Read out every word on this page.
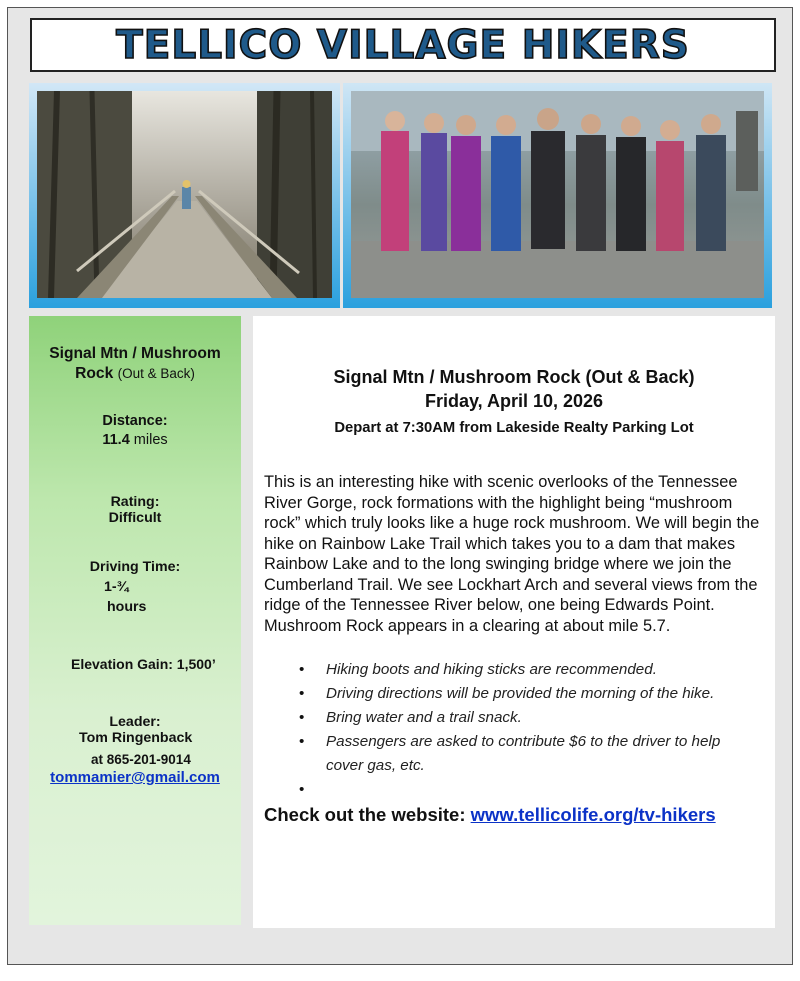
TELLICO VILLAGE HIKERS
Signal Mtn / Mushroom
Rock (Out & Back)
Distance:
11.4 miles
Rating:
Difficult
Driving Time:
1-¾
hours
Elevation Gain: 1,500’
Leader:
Tom Ringenback
at 865-201-9014
tommamier@gmail.com
Signal Mtn / Mushroom Rock (Out & Back)
Friday, April 10, 2026
Depart at 7:30AM from Lakeside Realty Parking Lot

This is an interesting hike with scenic overlooks of the Tennessee River Gorge, rock formations with the highlight being “mushroom rock” which truly looks like a huge rock mushroom. We will begin the hike on Rainbow Lake Trail which takes you to a dam that makes Rainbow Lake and to the long swinging bridge where we join the Cumberland Trail. We see Lockhart Arch and several views from the ridge of the Tennessee River below, one being Edwards Point. Mushroom Rock appears in a clearing at about mile 5.7.

• Hiking boots and hiking sticks are recommended.
• Driving directions will be provided the morning of the hike.
• Bring water and a trail snack.
• Passengers are asked to contribute $6 to the driver to help cover gas, etc.
Check out the website: www.tellicolife.org/tv-hikers
